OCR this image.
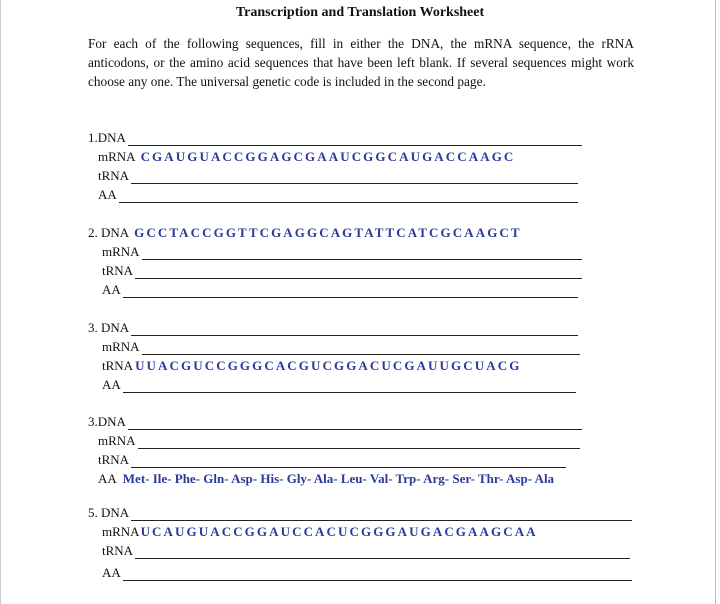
Transcription and Translation Worksheet
For each of the following sequences, fill in either the DNA, the mRNA sequence, the rRNA anticodons, or the amino acid sequences that have been left blank. If several sequences might work choose any one. The universal genetic code is included in the second page.
1.DNA
mRNA CGAUGUACCGGAGCGAAUCGGCAUGACCAAGC
tRNA
AA
2. DNA GCCTACCGGTTCGAGGCAGTATTCATCGCAAGCT
mRNA
tRNA
AA
3. DNA
mRNA
tRNA UUACGUCCGGGCACGUCGGACUCGAUUGCUACG
AA
3.DNA
mRNA
tRNA
AA Met- Ile- Phe- Gln- Asp- His- Gly- Ala- Leu- Val- Trp- Arg- Ser- Thr- Asp- Ala
5. DNA
mRNA UCAUGUACCGGAUCCACUCGGGAUGACGAAGCAA
tRNA
AA
